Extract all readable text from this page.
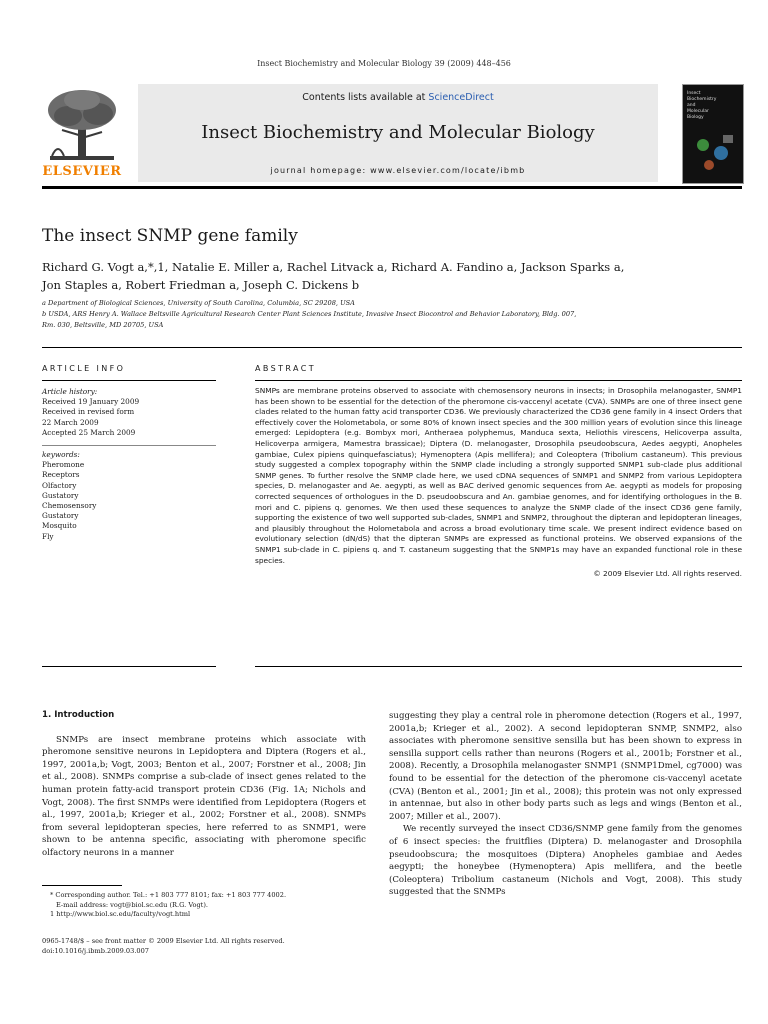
Insect Biochemistry and Molecular Biology 39 (2009) 448–456
ELSEVIER
Contents lists available at ScienceDirect
Insect Biochemistry and Molecular Biology
journal homepage: www.elsevier.com/locate/ibmb
Insect
Biochemistry
and
Molecular
Biology
The insect SNMP gene family
Richard G. Vogt a,*,1, Natalie E. Miller a, Rachel Litvack a, Richard A. Fandino a, Jackson Sparks a,
Jon Staples a, Robert Friedman a, Joseph C. Dickens b
a Department of Biological Sciences, University of South Carolina, Columbia, SC 29208, USA
b USDA, ARS Henry A. Wallace Beltsville Agricultural Research Center Plant Sciences Institute, Invasive Insect Biocontrol and Behavior Laboratory, Bldg. 007,
Rm. 030, Beltsville, MD 20705, USA
ARTICLE INFO
Article history:
Received 19 January 2009
Received in revised form
22 March 2009
Accepted 25 March 2009
keywords:
Pheromone
Receptors
Olfactory
Gustatory
Chemosensory
Gustatory
Mosquito
Fly
ABSTRACT
SNMPs are membrane proteins observed to associate with chemosensory neurons in insects; in Drosophila melanogaster, SNMP1 has been shown to be essential for the detection of the pheromone cis-vaccenyl acetate (CVA). SNMPs are one of three insect gene clades related to the human fatty acid transporter CD36. We previously characterized the CD36 gene family in 4 insect Orders that effectively cover the Holometabola, or some 80% of known insect species and the 300 million years of evolution since this lineage emerged: Lepidoptera (e.g. Bombyx mori, Antheraea polyphemus, Manduca sexta, Heliothis virescens, Helicoverpa assulta, Helicoverpa armigera, Mamestra brassicae); Diptera (D. melanogaster, Drosophila pseudoobscura, Aedes aegypti, Anopheles gambiae, Culex pipiens quinquefasciatus); Hymenoptera (Apis mellifera); and Coleoptera (Tribolium castaneum). This previous study suggested a complex topography within the SNMP clade including a strongly supported SNMP1 sub-clade plus additional SNMP genes. To further resolve the SNMP clade here, we used cDNA sequences of SNMP1 and SNMP2 from various Lepidoptera species, D. melanogaster and Ae. aegypti, as well as BAC derived genomic sequences from Ae. aegypti as models for proposing corrected sequences of orthologues in the D. pseudoobscura and An. gambiae genomes, and for identifying orthologues in the B. mori and C. pipiens q. genomes. We then used these sequences to analyze the SNMP clade of the insect CD36 gene family, supporting the existence of two well supported sub-clades, SNMP1 and SNMP2, throughout the dipteran and lepidopteran lineages, and plausibly throughout the Holometabola and across a broad evolutionary time scale. We present indirect evidence based on evolutionary selection (dN/dS) that the dipteran SNMPs are expressed as functional proteins. We observed expansions of the SNMP1 sub-clade in C. pipiens q. and T. castaneum suggesting that the SNMP1s may have an expanded functional role in these species.
© 2009 Elsevier Ltd. All rights reserved.
1. Introduction

SNMPs are insect membrane proteins which associate with pheromone sensitive neurons in Lepidoptera and Diptera (Rogers et al., 1997, 2001a,b; Vogt, 2003; Benton et al., 2007; Forstner et al., 2008; Jin et al., 2008). SNMPs comprise a sub-clade of insect genes related to the human protein fatty-acid transport protein CD36 (Fig. 1A; Nichols and Vogt, 2008). The first SNMPs were identified from Lepidoptera (Rogers et al., 1997, 2001a,b; Krieger et al., 2002; Forstner et al., 2008). SNMPs from several lepidopteran species, here referred to as SNMP1, were shown to be antenna specific, associating with pheromone specific olfactory neurons in a manner

* Corresponding author. Tel.: +1 803 777 8101; fax: +1 803 777 4002.
E-mail address: vogt@biol.sc.edu (R.G. Vogt).
1 http://www.biol.sc.edu/faculty/vogt.html
0965-1748/$ – see front matter © 2009 Elsevier Ltd. All rights reserved.
doi:10.1016/j.ibmb.2009.03.007

suggesting they play a central role in pheromone detection (Rogers et al., 1997, 2001a,b; Krieger et al., 2002). A second lepidopteran SNMP, SNMP2, also associates with pheromone sensitive sensilla but has been shown to express in sensilla support cells rather than neurons (Rogers et al., 2001b; Forstner et al., 2008). Recently, a Drosophila melanogaster SNMP1 (SNMP1Dmel, cg7000) was found to be essential for the detection of the pheromone cis-vaccenyl acetate (CVA) (Benton et al., 2001; Jin et al., 2008); this protein was not only expressed in antennae, but also in other body parts such as legs and wings (Benton et al., 2007; Miller et al., 2007).

We recently surveyed the insect CD36/SNMP gene family from the genomes of 6 insect species: the fruitflies (Diptera) D. melanogaster and Drosophila pseudoobscura; the mosquitoes (Diptera) Anopheles gambiae and Aedes aegypti; the honeybee (Hymenoptera) Apis mellifera, and the beetle (Coleoptera) Tribolium castaneum (Nichols and Vogt, 2008). This study suggested that the SNMPs
